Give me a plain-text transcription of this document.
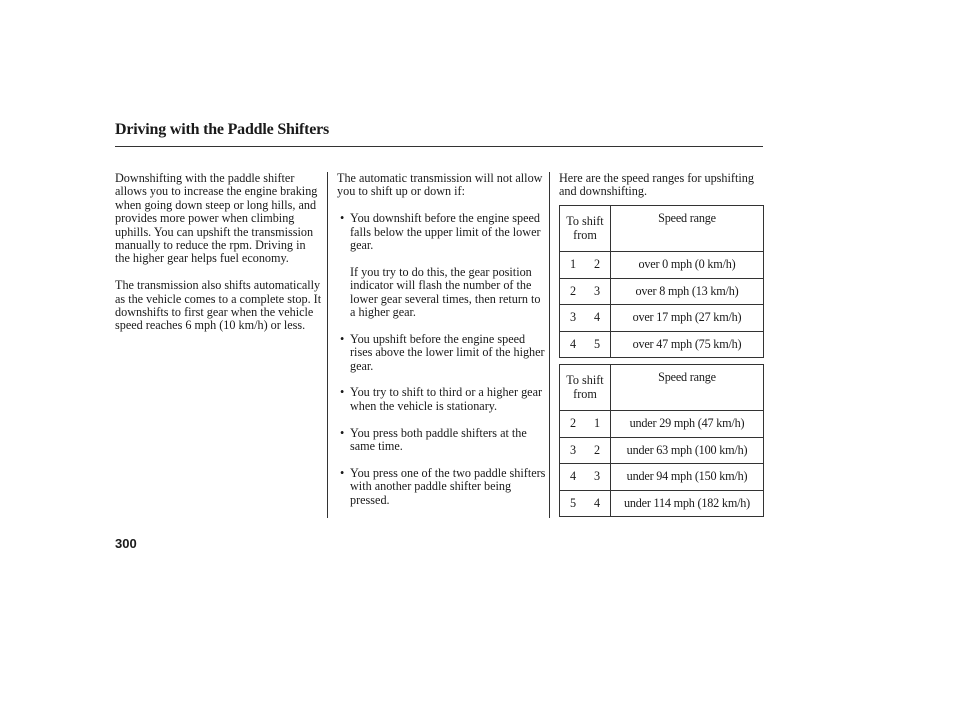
Driving with the Paddle Shifters

Downshifting with the paddle shifter allows you to increase the engine braking when going down steep or long hills, and provides more power when climbing uphills. You can upshift the transmission manually to reduce the rpm. Driving in the higher gear helps fuel economy.

The transmission also shifts automatically as the vehicle comes to a complete stop. It downshifts to first gear when the vehicle speed reaches 6 mph (10 km/h) or less.

The automatic transmission will not allow you to shift up or down if:

• You downshift before the engine speed falls below the upper limit of the lower gear.

If you try to do this, the gear position indicator will flash the number of the lower gear several times, then return to a higher gear.

• You upshift before the engine speed rises above the lower limit of the higher gear.
• You try to shift to third or a higher gear when the vehicle is stationary.
• You press both paddle shifters at the same time.
• You press one of the two paddle shifters with another paddle shifter being pressed.

Here are the speed ranges for upshifting and downshifting.

To shift
from	Speed range
1 2	over 0 mph (0 km/h)
2 3	over 8 mph (13 km/h)
3 4	over 17 mph (27 km/h)
4 5	over 47 mph (75 km/h)
To shift
from	Speed range
2 1	under 29 mph (47 km/h)
3 2	under 63 mph (100 km/h)
4 3	under 94 mph (150 km/h)
5 4	under 114 mph (182 km/h)
300
